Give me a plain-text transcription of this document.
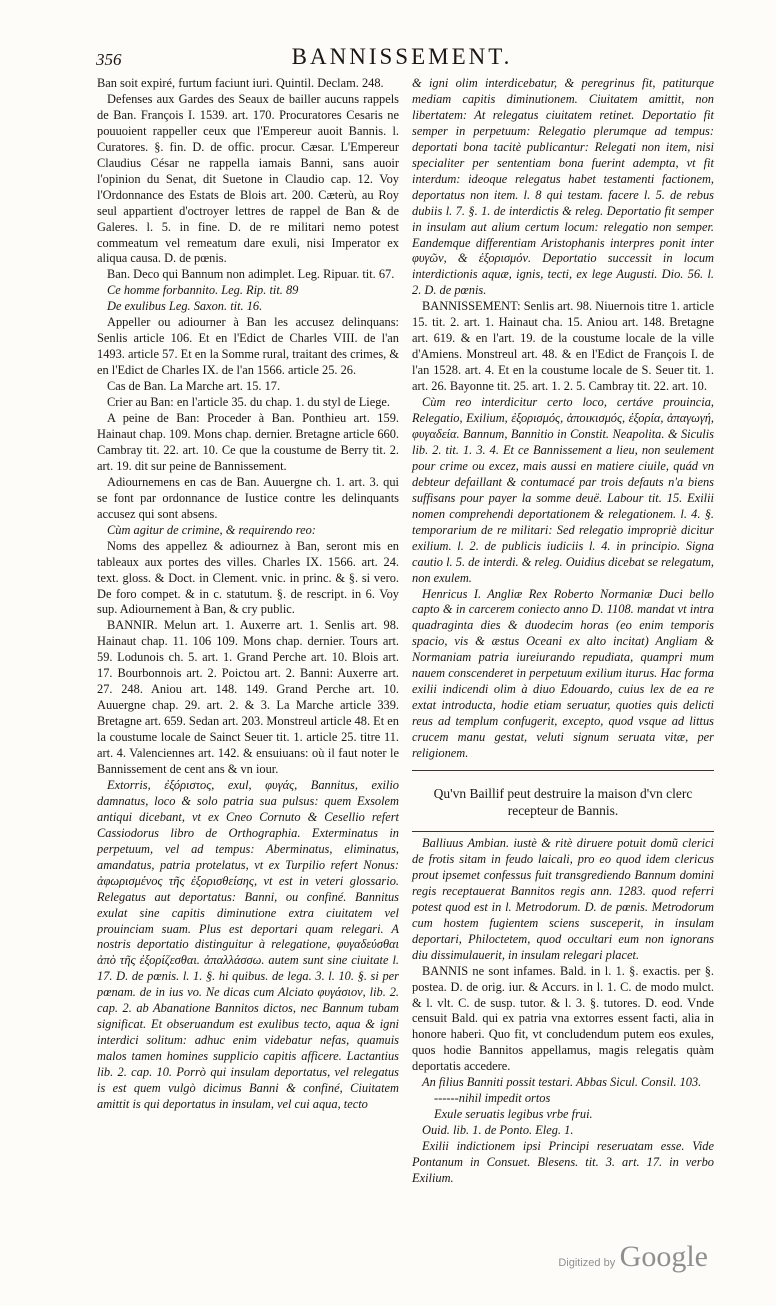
356	BANNISSEMENT.

Ban soit expiré, furtum faciunt iuri. Quintil. Declam. 248.

Defenses aux Gardes des Seaux de bailler aucuns rappels de Ban. François I. 1539. art. 170. Procuratores Cesaris ne pouuoient rappeller ceux que l'Empereur auoit Bannis. l. Curatores. §. fin. D. de offic. procur. Cæsar. L'Empereur Claudius César ne rappella iamais Banni, sans auoir l'opinion du Senat, dit Suetone in Claudio cap. 12. Voy l'Ordonnance des Estats de Blois art. 200. Cæterù, au Roy seul appartient d'octroyer lettres de rappel de Ban & de Galeres. l. 5. in fine. D. de re militari nemo potest commeatum vel remeatum dare exuli, nisi Imperator ex aliqua causa. D. de pœnis.

Ban. Deco qui Bannum non adimplet. Leg. Ripuar. tit. 67.

Ce homme forbannito. Leg. Rip. tit. 89

De exulibus Leg. Saxon. tit. 16.

Appeller ou adiourner à Ban les accusez delinquans: Senlis article 106. Et en l'Edict de Charles VIII. de l'an 1493. article 57. Et en la Somme rural, traitant des crimes, & en l'Edict de Charles IX. de l'an 1566. article 25. 26.

Cas de Ban. La Marche art. 15. 17.

Crier au Ban: en l'article 35. du chap. 1. du styl de Liege.

A peine de Ban: Proceder à Ban. Ponthieu art. 159. Hainaut chap. 109. Mons chap. dernier. Bretagne article 660. Cambray tit. 22. art. 10. Ce que la coustume de Berry tit. 2. art. 19. dit sur peine de Bannissement.

Adiournemens en cas de Ban. Auuergne ch. 1. art. 3. qui se font par ordonnance de Iustice contre les delinquants accusez qui sont absens.

Cùm agitur de crimine, & requirendo reo:

Noms des appellez & adiournez à Ban, seront mis en tableaux aux portes des villes. Charles IX. 1566. art. 24. text. gloss. & Doct. in Clement. vnic. in princ. & §. si vero. De foro compet. & in c. statutum. §. de rescript. in 6. Voy sup. Adiournement à Ban, & cry public.

BANNIR. Melun art. 1. Auxerre art. 1. Senlis art. 98. Hainaut chap. 11. 106 109. Mons chap. dernier. Tours art. 59. Lodunois ch. 5. art. 1. Grand Perche art. 10. Blois art. 17. Bourbonnois art. 2. Poictou art. 2. Banni: Auxerre art. 27. 248. Aniou art. 148. 149. Grand Perche art. 10. Auuergne chap. 29. art. 2. & 3. La Marche article 339. Bretagne art. 659. Sedan art. 203. Monstreul article 48. Et en la coustume locale de Sainct Seuer tit. 1. article 25. titre 11. art. 4. Valenciennes art. 142. & ensuiuans: où il faut noter le Bannissement de cent ans & vn iour.

Extorris, ἐξόριστος, exul, φυγάς, Bannitus, exilio damnatus, loco & solo patria sua pulsus: quem Exsolem antiqui dicebant, vt ex Cneo Cornuto & Cesellio refert Cassiodorus libro de Orthographia. Exterminatus in perpetuum, vel ad tempus: Aberminatus, eliminatus, amandatus, patria protelatus, vt ex Turpilio refert Nonus: ἀφωρισμένος τῆς ἐξορισθείσης, vt est in veteri glossario. Relegatus aut deportatus: Banni, ou confiné. Bannitus exulat sine capitis diminutione extra ciuitatem vel prouinciam suam. Plus est deportari quam relegari. A nostris deportatio distinguitur à relegatione, φυγαδεύσθαι ἀπὸ τῆς ἐξορίζεσθαι. ἀπαλλάσσω. autem sunt sine ciuitate l. 17. D. de pœnis. l. 1. §. hi quibus. de lega. 3. l. 10. §. si per pœnam. de in ius vo. Ne dicas cum Alciato φυγάσιον, lib. 2. cap. 2. ab Abanatione Bannitos dictos, nec Bannum tubam significat. Et obseruandum est exulibus tecto, aqua & igni interdici solitum: adhuc enim videbatur nefas, quamuis malos tamen homines supplicio capitis afficere. Lactantius lib. 2. cap. 10. Porrò qui insulam deportatus, vel relegatus is est quem vulgò dicimus Banni & confiné, Ciuitatem amittit is qui deportatus in insulam, vel cui aqua, tecto

& igni olim interdicebatur, & peregrinus fit, patiturque mediam capitis diminutionem. Ciuitatem amittit, non libertatem: At relegatus ciuitatem retinet. Deportatio fit semper in perpetuum: Relegatio plerumque ad tempus: deportati bona tacitè publicantur: Relegati non item, nisi specialiter per sententiam bona fuerint adempta, vt fit interdum: ideoque relegatus habet testamenti factionem, deportatus non item. l. 8 qui testam. facere l. 5. de rebus dubiis l. 7. §. 1. de interdictis & releg. Deportatio fit semper in insulam aut alium certum locum: relegatio non semper. Eandemque differentiam Aristophanis interpres ponit inter φυγῶν, & ἐξορισμόν. Deportatio successit in locum interdictionis aquæ, ignis, tecti, ex lege Augusti. Dio. 56. l. 2. D. de pœnis.

BANNISSEMENT: Senlis art. 98. Niuernois titre 1. article 15. tit. 2. art. 1. Hainaut cha. 15. Aniou art. 148. Bretagne art. 619. & en l'art. 19. de la coustume locale de la ville d'Amiens. Monstreul art. 48. & en l'Edict de François I. de l'an 1528. art. 4. Et en la coustume locale de S. Seuer tit. 1. art. 26. Bayonne tit. 25. art. 1. 2. 5. Cambray tit. 22. art. 10.

Cùm reo interdicitur certo loco, certáve prouincia, Relegatio, Exilium, ἐξορισμός, ἀποικισμός, ἐξορία, ἀπαγωγή, φυγαδεία. Bannum, Bannitio in Constit. Neapolita. & Siculis lib. 2. tit. 1. 3. 4. Et ce Bannissement a lieu, non seulement pour crime ou excez, mais aussi en matiere ciuile, quád vn debteur defaillant & contumacé par trois defauts n'a biens suffisans pour payer la somme deuë. Labour tit. 15. Exilii nomen comprehendi deportationem & relegationem. l. 4. §. temporarium de re militari: Sed relegatio impropriè dicitur exilium. l. 2. de publicis iudiciis l. 4. in principio. Signa cautio l. 5. de interdi. & releg. Ouidius dicebat se relegatum, non exulem.

Henricus I. Angliæ Rex Roberto Normaniæ Duci bello capto & in carcerem coniecto anno D. 1108. mandat vt intra quadraginta dies & duodecim horas (eo enim temporis spacio, vis & æstus Oceani ex alto incitat) Angliam & Normaniam patria iureiurando repudiata, quampri mum nauem conscenderet in perpetuum exilium iturus. Hac forma exilii indicendi olim à diuo Edouardo, cuius lex de ea re extat introducta, hodie etiam seruatur, quoties quis delicti reus ad templum confugerit, excepto, quod vsque ad littus crucem manu gestat, veluti signum seruata vitæ, per religionem.

Qu'vn Baillif peut destruire la maison d'vn clerc recepteur de Bannis.

Balliuus Ambian. iustè & ritè diruere potuit domũ clerici de frotis sitam in feudo laicali, pro eo quod idem clericus prout ipsemet confessus fuit transgrediendo Bannum domini regis receptauerat Bannitos regis ann. 1283. quod referri potest quod est in l. Metrodorum. D. de pœnis. Metrodorum cum hostem fugientem sciens susceperit, in insulam deportari, Philoctetem, quod occultari eum non ignorans diu dissimulauerit, in insulam relegari placet.

BANNIS ne sont infames. Bald. in l. 1. §. exactis. per §. postea. D. de orig. iur. & Accurs. in l. 1. C. de modo mulct. & l. vlt. C. de susp. tutor. & l. 3. §. tutores. D. eod. Vnde censuit Bald. qui ex patria vna extorres essent facti, alia in honore haberi. Quo fit, vt concludendum putem eos exules, quos hodie Bannitos appellamus, magis relegatis quàm deportatis accedere.

An filius Banniti possit testari. Abbas Sicul. Consil. 103.

------nihil impedit ortos

Exule seruatis legibus vrbe frui.

Ouid. lib. 1. de Ponto. Eleg. 1.

Exilii indictionem ipsi Principi reseruatam esse. Vide Pontanum in Consuet. Blesens. tit. 3. art. 17. in verbo Exilium.

Digitized by Google
